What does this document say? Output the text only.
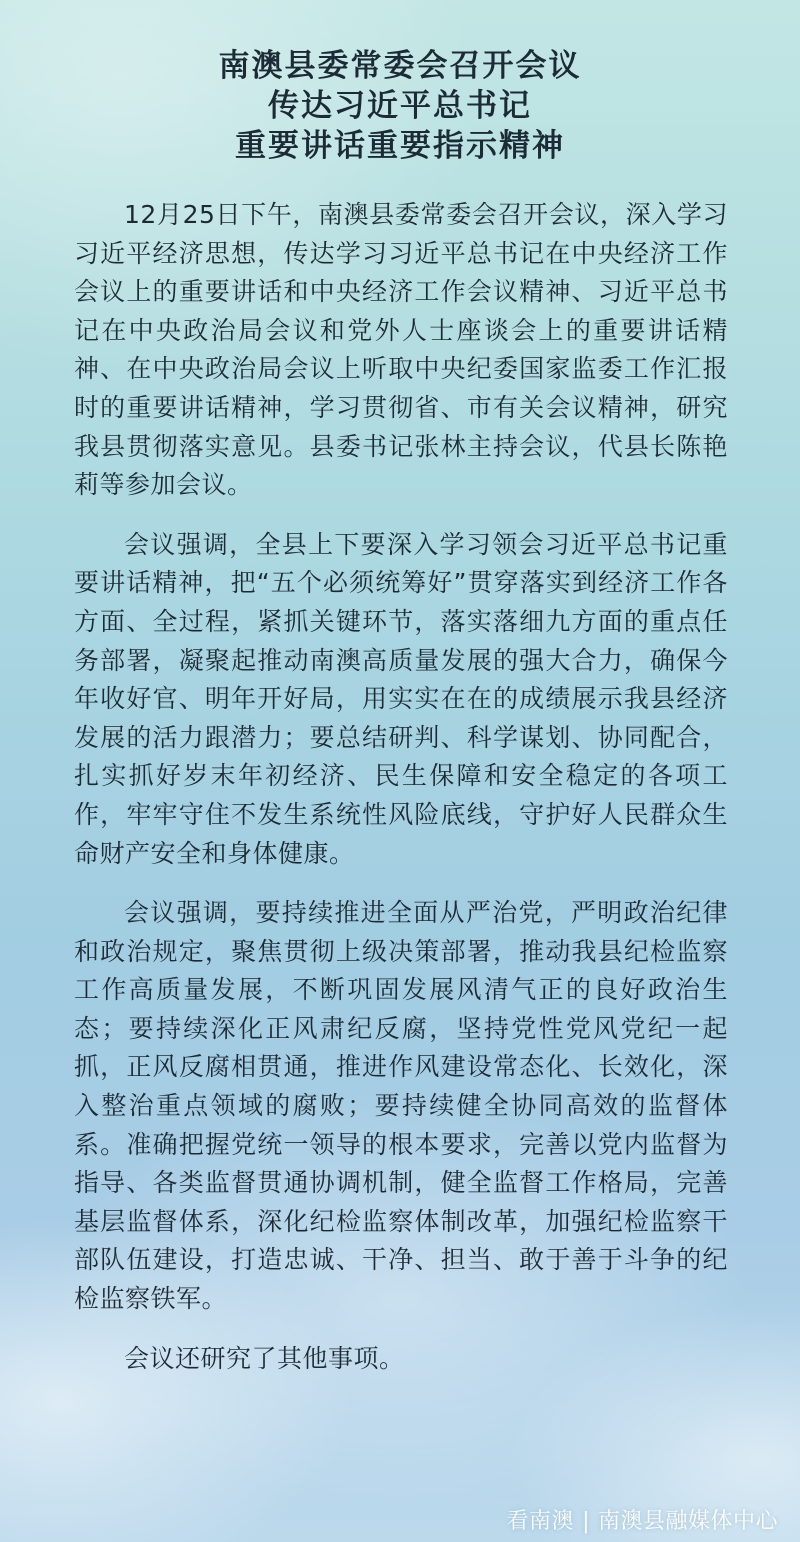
南澳县委常委会召开会议
传达习近平总书记
重要讲话重要指示精神

12月25日下午，南澳县委常委会召开会议，深入学习习近平经济思想，传达学习习近平总书记在中央经济工作会议上的重要讲话和中央经济工作会议精神、习近平总书记在中央政治局会议和党外人士座谈会上的重要讲话精神、在中央政治局会议上听取中央纪委国家监委工作汇报时的重要讲话精神，学习贯彻省、市有关会议精神，研究我县贯彻落实意见。县委书记张林主持会议，代县长陈艳莉等参加会议。

会议强调，全县上下要深入学习领会习近平总书记重要讲话精神，把“五个必须统筹好”贯穿落实到经济工作各方面、全过程，紧抓关键环节，落实落细九方面的重点任务部署，凝聚起推动南澳高质量发展的强大合力，确保今年收好官、明年开好局，用实实在在的成绩展示我县经济发展的活力跟潜力；要总结研判、科学谋划、协同配合，扎实抓好岁末年初经济、民生保障和安全稳定的各项工作，牢牢守住不发生系统性风险底线，守护好人民群众生命财产安全和身体健康。

会议强调，要持续推进全面从严治党，严明政治纪律和政治规定，聚焦贯彻上级决策部署，推动我县纪检监察工作高质量发展，不断巩固发展风清气正的良好政治生态；要持续深化正风肃纪反腐，坚持党性党风党纪一起抓，正风反腐相贯通，推进作风建设常态化、长效化，深入整治重点领域的腐败；要持续健全协同高效的监督体系。准确把握党统一领导的根本要求，完善以党内监督为指导、各类监督贯通协调机制，健全监督工作格局，完善基层监督体系，深化纪检监察体制改革，加强纪检监察干部队伍建设，打造忠诚、干净、担当、敢于善于斗争的纪检监察铁军。

会议还研究了其他事项。

看南澳 | 南澳县融媒体中心
